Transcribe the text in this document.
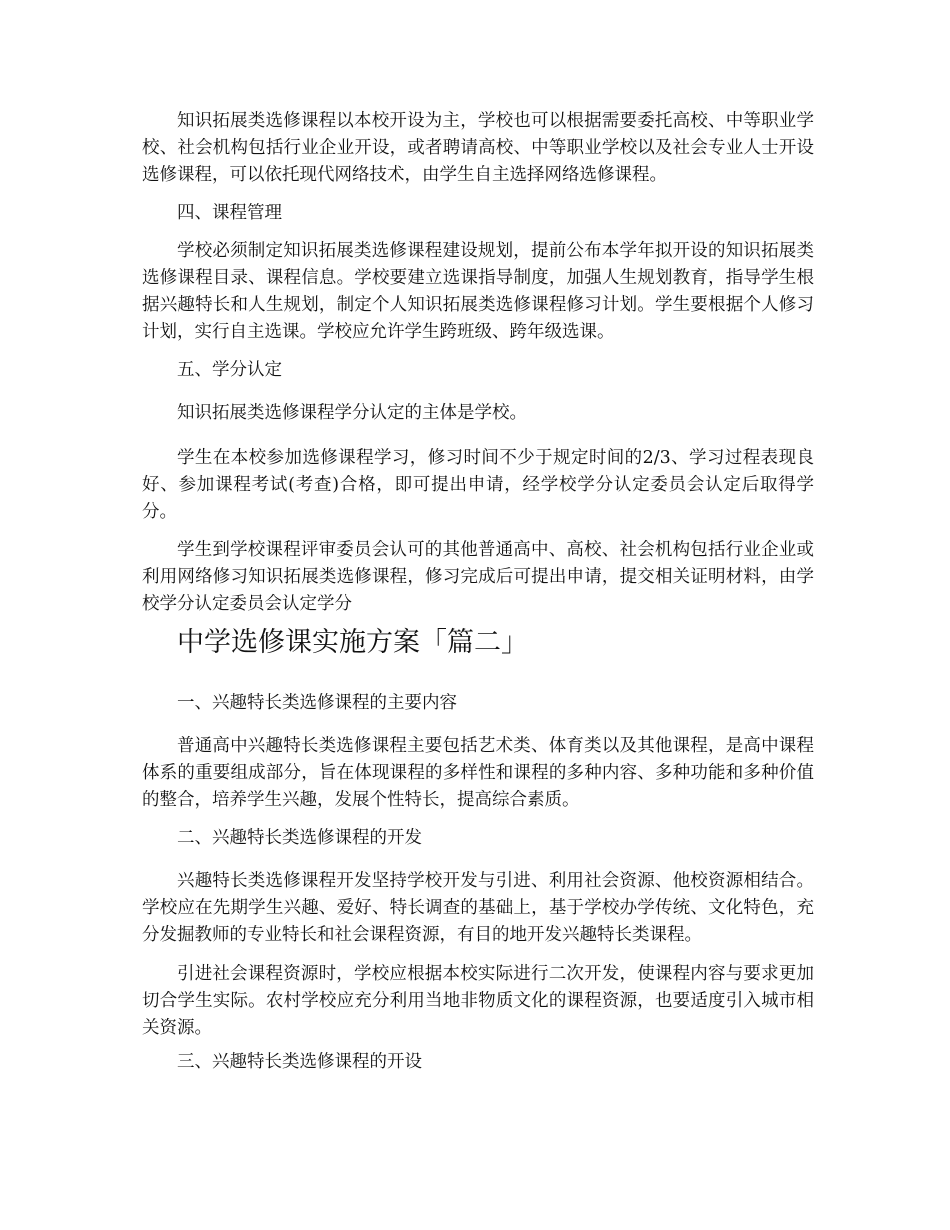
知识拓展类选修课程以本校开设为主，学校也可以根据需要委托高校、中等职业学校、社会机构包括行业企业开设，或者聘请高校、中等职业学校以及社会专业人士开设选修课程，可以依托现代网络技术，由学生自主选择网络选修课程。

四、课程管理

学校必须制定知识拓展类选修课程建设规划，提前公布本学年拟开设的知识拓展类选修课程目录、课程信息。学校要建立选课指导制度，加强人生规划教育，指导学生根据兴趣特长和人生规划，制定个人知识拓展类选修课程修习计划。学生要根据个人修习计划，实行自主选课。学校应允许学生跨班级、跨年级选课。

五、学分认定

知识拓展类选修课程学分认定的主体是学校。

学生在本校参加选修课程学习，修习时间不少于规定时间的2/3、学习过程表现良好、参加课程考试(考查)合格，即可提出申请，经学校学分认定委员会认定后取得学分。

学生到学校课程评审委员会认可的其他普通高中、高校、社会机构包括行业企业或利用网络修习知识拓展类选修课程，修习完成后可提出申请，提交相关证明材料，由学校学分认定委员会认定学分

中学选修课实施方案「篇二」
一、兴趣特长类选修课程的主要内容

普通高中兴趣特长类选修课程主要包括艺术类、体育类以及其他课程，是高中课程体系的重要组成部分，旨在体现课程的多样性和课程的多种内容、多种功能和多种价值的整合，培养学生兴趣，发展个性特长，提高综合素质。

二、兴趣特长类选修课程的开发

兴趣特长类选修课程开发坚持学校开发与引进、利用社会资源、他校资源相结合。学校应在先期学生兴趣、爱好、特长调查的基础上，基于学校办学传统、文化特色，充分发掘教师的专业特长和社会课程资源，有目的地开发兴趣特长类课程。

引进社会课程资源时，学校应根据本校实际进行二次开发，使课程内容与要求更加切合学生实际。农村学校应充分利用当地非物质文化的课程资源，也要适度引入城市相关资源。

三、兴趣特长类选修课程的开设
